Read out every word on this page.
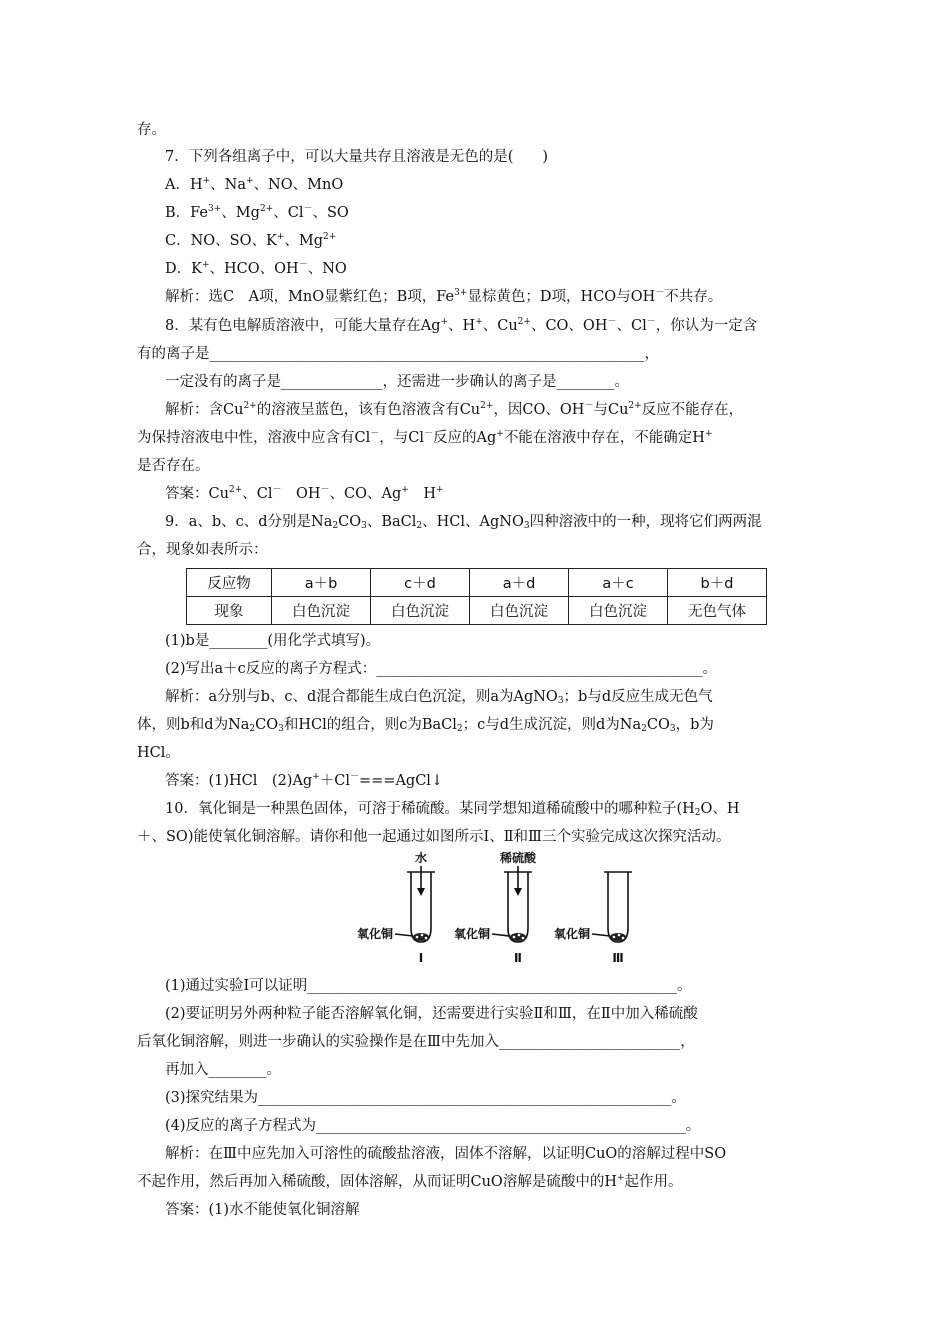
存。
7．下列各组离子中，可以大量共存且溶液是无色的是(　　)
A．H+、Na+、NO、MnO
B．$Fe^{3+}$、$Mg^{2+}$、Cl－、SO
C．NO、SO、K+、$Mg^{2+}$
D．K+、HCO、OH－、NO
解析：选C　A项，MnO显紫红色；B项，$Fe^{3+}$显棕黄色；D项，HCO与OH－不共存。
8．某有色电解质溶液中，可能大量存在Ag+、H+、$Cu^{2+}$、CO、OH－、Cl－，你认为一定含
有的离子是____________________________________________________________，
一定没有的离子是______________，还需进一步确认的离子是________。
解析：含$Cu^{2+}$的溶液呈蓝色，该有色溶液含有$Cu^{2+}$，因CO、OH－与$Cu^{2+}$反应不能存在，
为保持溶液电中性，溶液中应含有Cl－，与Cl－反应的Ag+不能在溶液中存在，不能确定H+
是否存在。
答案：$Cu^{2+}$、Cl－　OH－、CO、Ag+　H+
9．a、b、c、d分别是$Na_2CO_3$、BaCl$_2$、HCl、AgNO$_3$四种溶液中的一种，现将它们两两混
合，现象如表所示：
反应物	a＋b	c＋d	a＋d	a＋c	b＋d
现象	白色沉淀	白色沉淀	白色沉淀	白色沉淀	无色气体
(1)b是________(用化学式填写)。
(2)写出a＋c反应的离子方程式：_____________________________________________。
解析：a分别与b、c、d混合都能生成白色沉淀，则a为AgNO$_3$；b与d反应生成无色气
体，则b和d为$Na_2CO_3$和HCl的组合，则c为BaCl$_2$；c与d生成沉淀，则d为$Na_2CO_3$，b为
HCl。
答案：(1)HCl　(2)Ag+＋Cl－===AgCl↓
10．氧化铜是一种黑色固体，可溶于稀硫酸。某同学想知道稀硫酸中的哪种粒子($H_2O$、H
＋、SO)能使氧化铜溶解。请你和他一起通过如图所示Ⅰ、Ⅱ和Ⅲ三个实验完成这次探究活动。
水	稀硫酸
氧化铜	氧化铜	氧化铜
Ⅰ	Ⅱ	Ⅲ
(1)通过实验Ⅰ可以证明___________________________________________________。
(2)要证明另外两种粒子能否溶解氧化铜，还需要进行实验Ⅱ和Ⅲ，在Ⅱ中加入稀硫酸
后氧化铜溶解，则进一步确认的实验操作是在Ⅲ中先加入_________________________，
再加入________。
(3)探究结果为_________________________________________________________。
(4)反应的离子方程式为___________________________________________________。
解析：在Ⅲ中应先加入可溶性的硫酸盐溶液，固体不溶解，以证明CuO的溶解过程中SO
不起作用，然后再加入稀硫酸，固体溶解，从而证明CuO溶解是硫酸中的H+起作用。
答案：(1)水不能使氧化铜溶解
